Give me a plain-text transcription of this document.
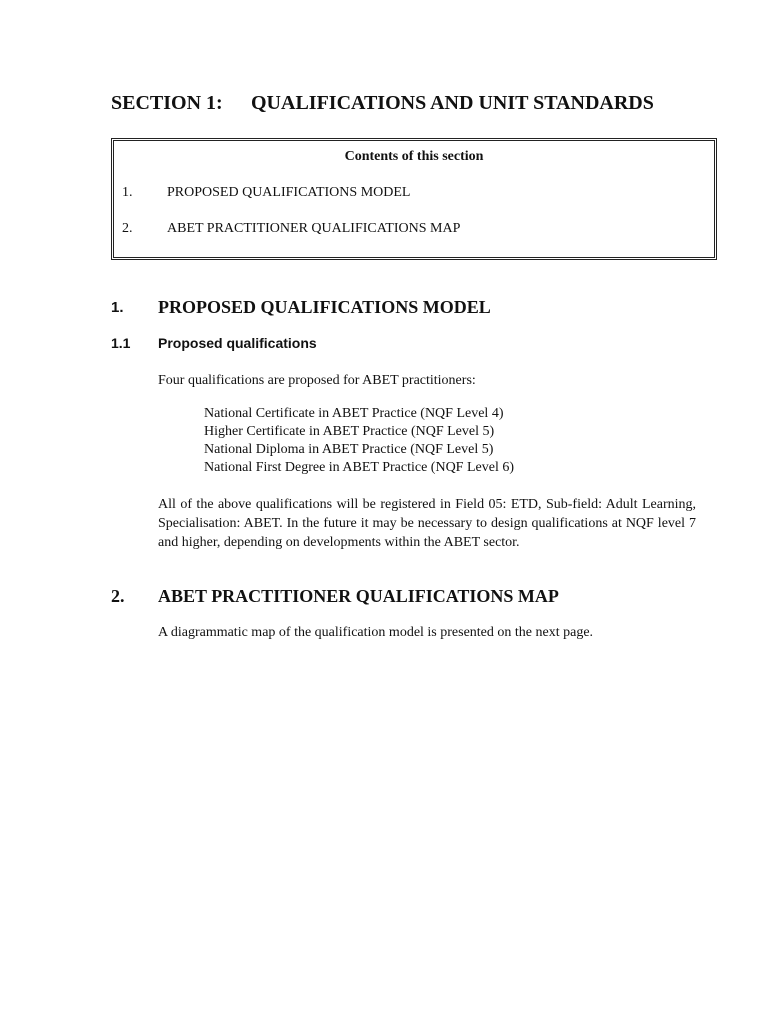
SECTION 1: QUALIFICATIONS AND UNIT STANDARDS
Contents of this section
1. PROPOSED QUALIFICATIONS MODEL
2. ABET PRACTITIONER QUALIFICATIONS MAP
1. PROPOSED QUALIFICATIONS MODEL
1.1 Proposed qualifications
Four qualifications are proposed for ABET practitioners:
National Certificate in ABET Practice (NQF Level 4)
Higher Certificate in ABET Practice (NQF Level 5)
National Diploma in ABET Practice (NQF Level 5)
National First Degree in ABET Practice (NQF Level 6)
All of the above qualifications will be registered in Field 05: ETD, Sub-field: Adult Learning, Specialisation: ABET. In the future it may be necessary to design qualifications at NQF level 7 and higher, depending on developments within the ABET sector.
2. ABET PRACTITIONER QUALIFICATIONS MAP
A diagrammatic map of the qualification model is presented on the next page.
